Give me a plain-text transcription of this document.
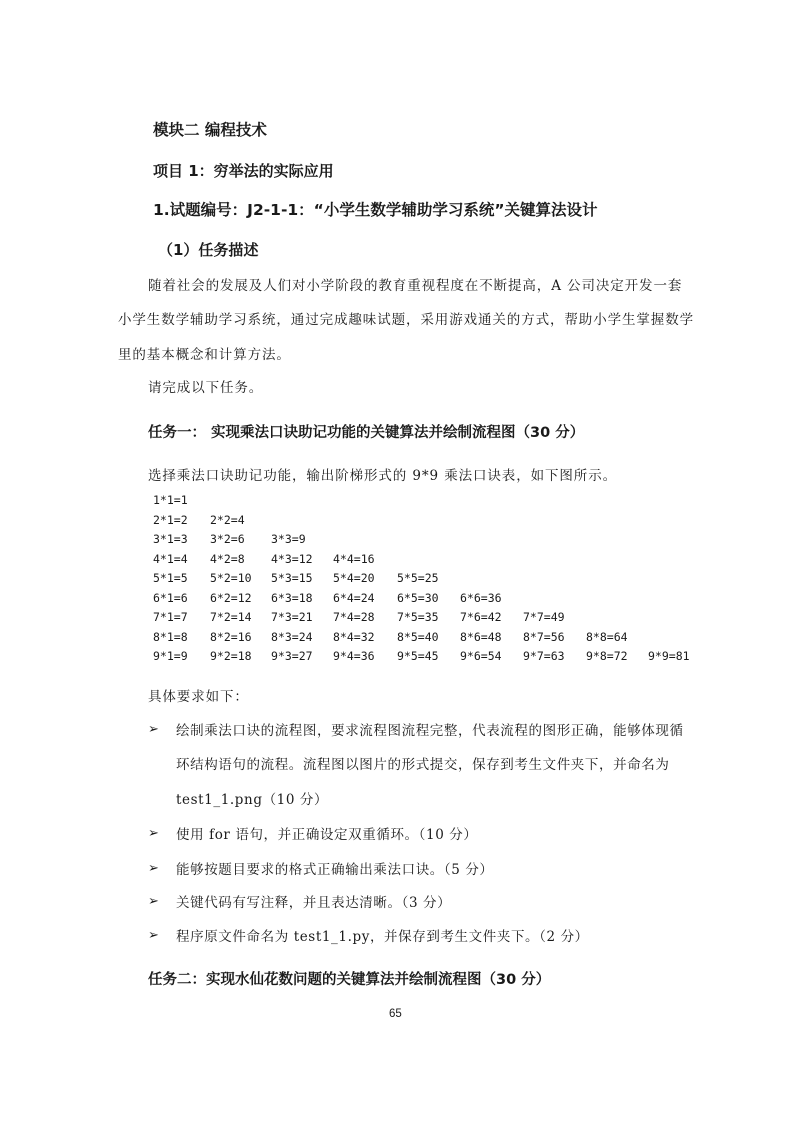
模块二 编程技术
项目 1：穷举法的实际应用
1.试题编号：J2-1-1：“小学生数学辅助学习系统”关键算法设计
（1）任务描述
随着社会的发展及人们对小学阶段的教育重视程度在不断提高，A 公司决定开发一套
小学生数学辅助学习系统，通过完成趣味试题，采用游戏通关的方式，帮助小学生掌握数学
里的基本概念和计算方法。
请完成以下任务。
任务一： 实现乘法口诀助记功能的关键算法并绘制流程图（30 分）
选择乘法口诀助记功能，输出阶梯形式的 9*9 乘法口诀表，如下图所示。
1*1=1
2*1=2 2*2=4
3*1=3 3*2=6 3*3=9
4*1=4 4*2=8 4*3=12 4*4=16
5*1=5 5*2=10 5*3=15 5*4=20 5*5=25
6*1=6 6*2=12 6*3=18 6*4=24 6*5=30 6*6=36
7*1=7 7*2=14 7*3=21 7*4=28 7*5=35 7*6=42 7*7=49
8*1=8 8*2=16 8*3=24 8*4=32 8*5=40 8*6=48 8*7=56 8*8=64
9*1=9 9*2=18 9*3=27 9*4=36 9*5=45 9*6=54 9*7=63 9*8=72 9*9=81
具体要求如下：
➢ 绘制乘法口诀的流程图，要求流程图流程完整，代表流程的图形正确，能够体现循
环结构语句的流程。流程图以图片的形式提交，保存到考生文件夹下，并命名为
test1_1.png（10 分）
➢ 使用 for 语句，并正确设定双重循环。（10 分）
➢ 能够按题目要求的格式正确输出乘法口诀。（5 分）
➢ 关键代码有写注释，并且表达清晰。（3 分）
➢ 程序原文件命名为 test1_1.py，并保存到考生文件夹下。（2 分）
任务二：实现水仙花数问题的关键算法并绘制流程图（30 分）
65
